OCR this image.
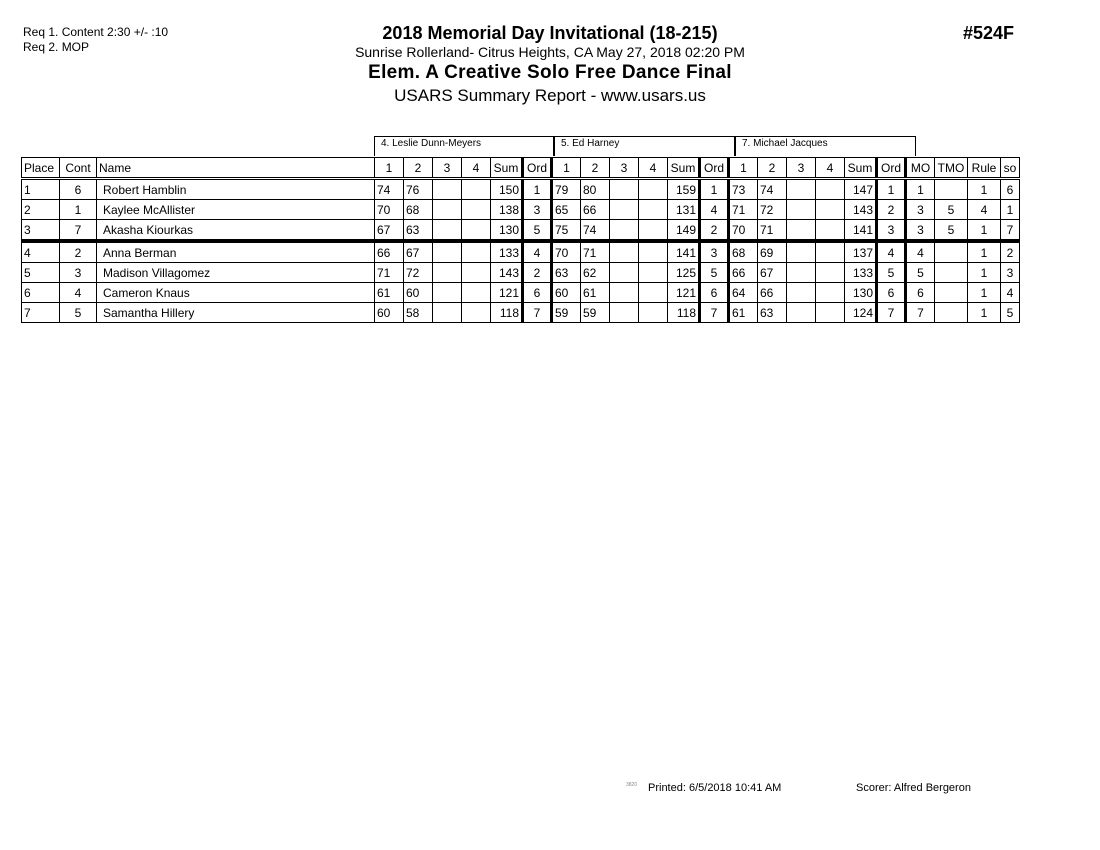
Req 1. Content 2:30 +/- :10
Req 2. MOP
2018 Memorial Day Invitational (18-215)
Sunrise Rollerland- Citrus Heights, CA May 27, 2018 02:20 PM
Elem. A Creative Solo Free Dance Final
USARS Summary Report - www.usars.us
#524F
4. Leslie Dunn-Meyers	5. Ed Harney	7. Michael Jacques
Place	Cont	Name	1	2	3	4	Sum	Ord	1	2	3	4	Sum	Ord	1	2	3	4	Sum	Ord	MO	TMO	Rule	so
1	6	Robert Hamblin	74	76			150	1	79	80			159	1	73	74			147	1	1		1	6
2	1	Kaylee McAllister	70	68			138	3	65	66			131	4	71	72			143	2	3	5	4	1
3	7	Akasha Kiourkas	67	63			130	5	75	74			149	2	70	71			141	3	3	5	1	7
4	2	Anna Berman	66	67			133	4	70	71			141	3	68	69			137	4	4		1	2
5	3	Madison Villagomez	71	72			143	2	63	62			125	5	66	67			133	5	5		1	3
6	4	Cameron Knaus	61	60			121	6	60	61			121	6	64	66			130	6	6		1	4
7	5	Samantha Hillery	60	58			118	7	59	59			118	7	61	63			124	7	7		1	5
3820 Printed: 6/5/2018 10:41 AM	Scorer: Alfred Bergeron
